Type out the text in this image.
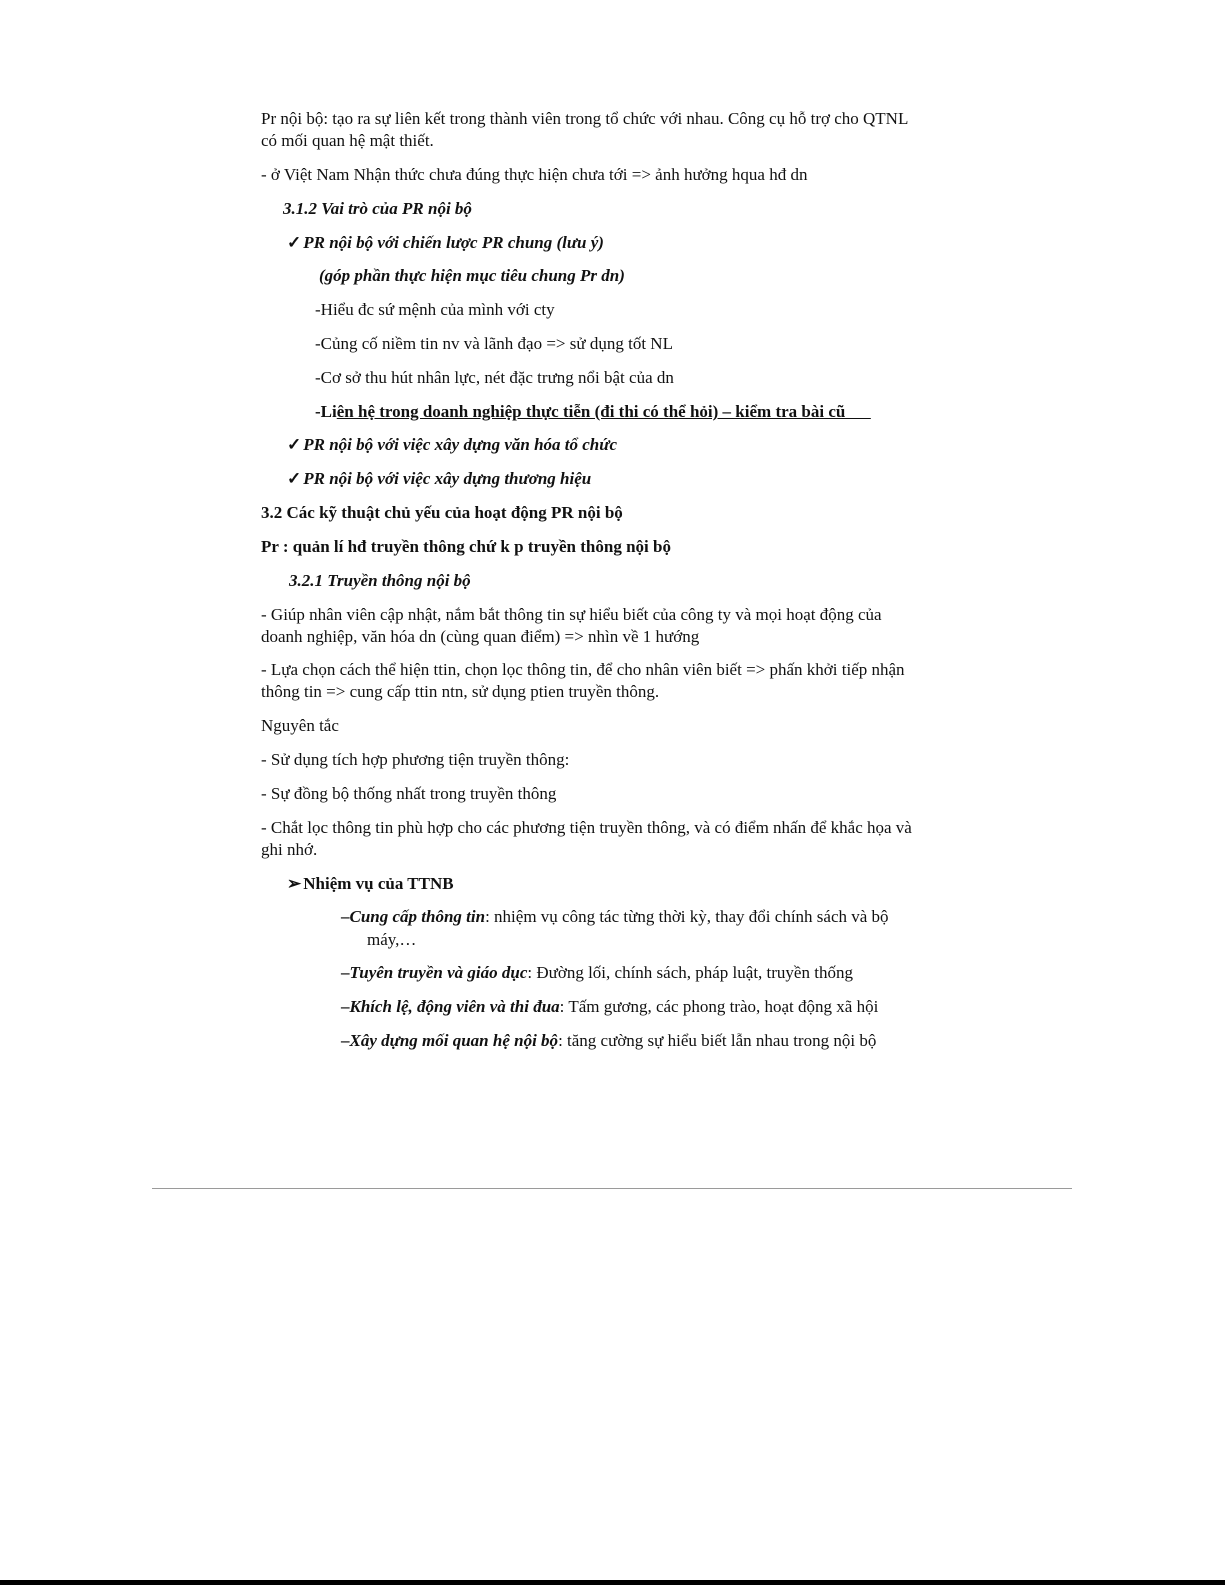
Pr nội bộ: tạo ra sự liên kết trong thành viên trong tổ chức với nhau. Công cụ hỗ trợ cho QTNL

có mối quan hệ mật thiết.

- ở Việt Nam Nhận thức chưa đúng thực hiện chưa tới => ảnh hưởng hqua hđ dn

3.1.2 Vai trò của PR nội bộ

✓ PR nội bộ với chiến lược PR chung (lưu ý)

(góp phần thực hiện mục tiêu chung Pr dn)

-Hiểu đc sứ mệnh của mình với cty

-Củng cố niềm tin nv và lãnh đạo => sử dụng tốt NL

-Cơ sở thu hút nhân lực, nét đặc trưng nổi bật của dn

-Liên hệ trong doanh nghiệp thực tiễn (đi thi có thể hỏi) – kiểm tra bài cũ

✓ PR nội bộ với việc xây dựng văn hóa tổ chức

✓ PR nội bộ với việc xây dựng thương hiệu

3.2 Các kỹ thuật chủ yếu của hoạt động PR nội bộ

Pr : quản lí hđ truyền thông chứ k p truyền thông nội bộ

3.2.1 Truyền thông nội bộ

- Giúp nhân viên cập nhật, nắm bắt thông tin sự hiểu biết của công ty và mọi hoạt động của

doanh nghiệp, văn hóa dn (cùng quan điểm) => nhìn về 1 hướng

- Lựa chọn cách thể hiện ttin, chọn lọc thông tin, để cho nhân viên biết => phấn khởi tiếp nhận

thông tin => cung cấp ttin ntn, sử dụng ptien truyền thông.

Nguyên tắc

- Sử dụng tích hợp phương tiện truyền thông:

- Sự đồng bộ thống nhất trong truyền thông

- Chắt lọc thông tin phù hợp cho các phương tiện truyền thông, và có điểm nhấn để khắc họa và

ghi nhớ.

➢ Nhiệm vụ của TTNB

–Cung cấp thông tin: nhiệm vụ công tác từng thời kỳ, thay đổi chính sách và bộ

máy,…

–Tuyên truyền và giáo dục: Đường lối, chính sách, pháp luật, truyền thống

–Khích lệ, động viên và thi đua: Tấm gương, các phong trào, hoạt động xã hội

–Xây dựng mối quan hệ nội bộ: tăng cường sự hiểu biết lẫn nhau trong nội bộ
